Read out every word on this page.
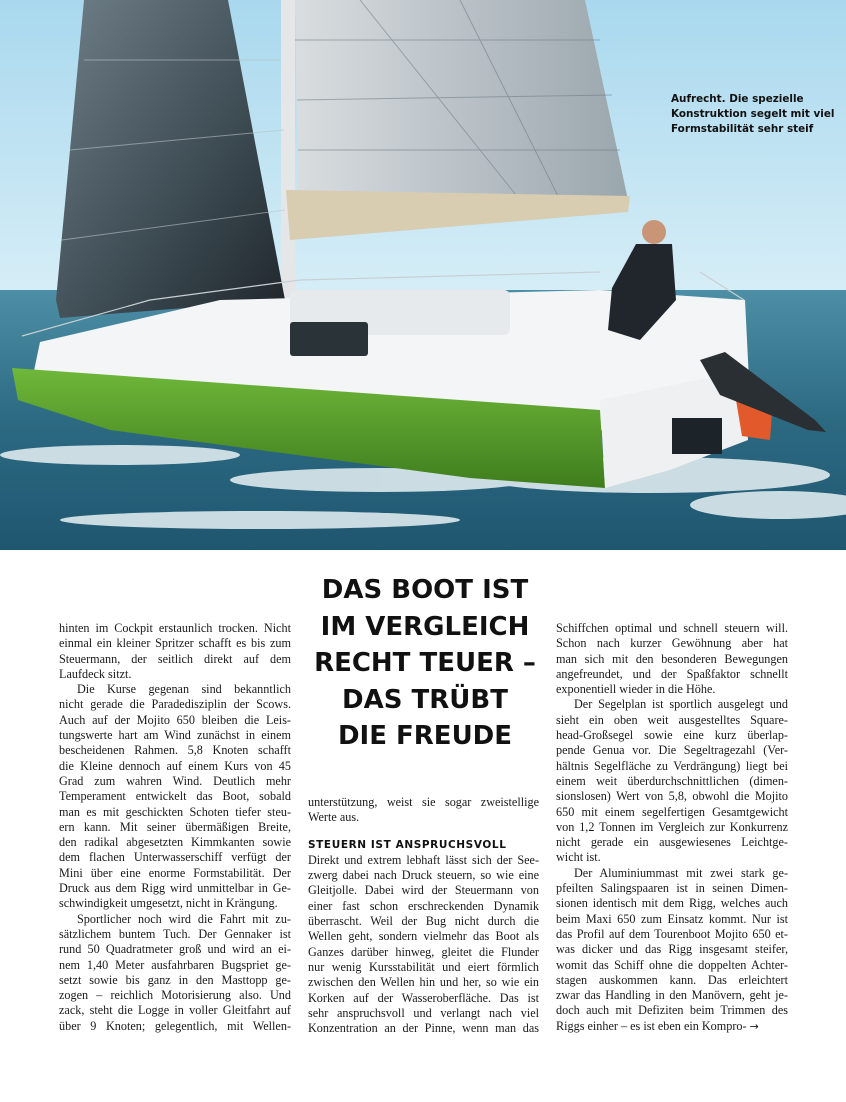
Aufrecht. Die spezielle
Konstruktion segelt mit viel
Formstabilität sehr steif
DAS BOOT IST
IM VERGLEICH
RECHT TEUER –
DAS TRÜBT
DIE FREUDE
hinten im Cockpit erstaunlich trocken. Nicht
einmal ein kleiner Spritzer schafft es bis zum
Steuermann, der seitlich direkt auf dem
Laufdeck sitzt.
Die Kurse gegenan sind bekanntlich
nicht gerade die Paradedisziplin der Scows.
Auch auf der Mojito 650 bleiben die Leis-
tungswerte hart am Wind zunächst in einem
bescheidenen Rahmen. 5,8 Knoten schafft
die Kleine dennoch auf einem Kurs von 45
Grad zum wahren Wind. Deutlich mehr
Temperament entwickelt das Boot, sobald
man es mit geschickten Schoten tiefer steu-
ern kann. Mit seiner übermäßigen Breite,
den radikal abgesetzten Kimmkanten sowie
dem flachen Unterwasserschiff verfügt der
Mini über eine enorme Formstabilität. Der
Druck aus dem Rigg wird unmittelbar in Ge-
schwindigkeit umgesetzt, nicht in Krängung.
Sportlicher noch wird die Fahrt mit zu-
sätzlichem buntem Tuch. Der Gennaker ist
rund 50 Quadratmeter groß und wird an ei-
nem 1,40 Meter ausfahrbaren Bugspriet ge-
setzt sowie bis ganz in den Masttopp ge-
zogen – reichlich Motorisierung also. Und
zack, steht die Logge in voller Gleitfahrt auf
über 9 Knoten; gelegentlich, mit Wellen-
unterstützung, weist sie sogar zweistellige
Werte aus.
STEUERN IST ANSPRUCHSVOLL
Direkt und extrem lebhaft lässt sich der See-
zwerg dabei nach Druck steuern, so wie eine
Gleitjolle. Dabei wird der Steuermann von
einer fast schon erschreckenden Dynamik
überrascht. Weil der Bug nicht durch die
Wellen geht, sondern vielmehr das Boot als
Ganzes darüber hinweg, gleitet die Flunder
nur wenig Kursstabilität und eiert förmlich
zwischen den Wellen hin und her, so wie ein
Korken auf der Wasseroberfläche. Das ist
sehr anspruchsvoll und verlangt nach viel
Konzentration an der Pinne, wenn man das
Schiffchen optimal und schnell steuern will.
Schon nach kurzer Gewöhnung aber hat
man sich mit den besonderen Bewegungen
angefreundet, und der Spaßfaktor schnellt
exponentiell wieder in die Höhe.
Der Segelplan ist sportlich ausgelegt und
sieht ein oben weit ausgestelltes Square-
head-Großsegel sowie eine kurz überlap-
pende Genua vor. Die Segeltragezahl (Ver-
hältnis Segelfläche zu Verdrängung) liegt bei
einem weit überdurchschnittlichen (dimen-
sionslosen) Wert von 5,8, obwohl die Mojito
650 mit einem segelfertigen Gesamtgewicht
von 1,2 Tonnen im Vergleich zur Konkurrenz
nicht gerade ein ausgewiesenes Leichtge-
wicht ist.
Der Aluminiummast mit zwei stark ge-
pfeilten Salingspaaren ist in seinen Dimen-
sionen identisch mit dem Rigg, welches auch
beim Maxi 650 zum Einsatz kommt. Nur ist
das Profil auf dem Tourenboot Mojito 650 et-
was dicker und das Rigg insgesamt steifer,
womit das Schiff ohne die doppelten Achter-
stagen auskommen kann. Das erleichtert
zwar das Handling in den Manövern, geht je-
doch auch mit Defiziten beim Trimmen des
Riggs einher – es ist eben ein Kompro- →
